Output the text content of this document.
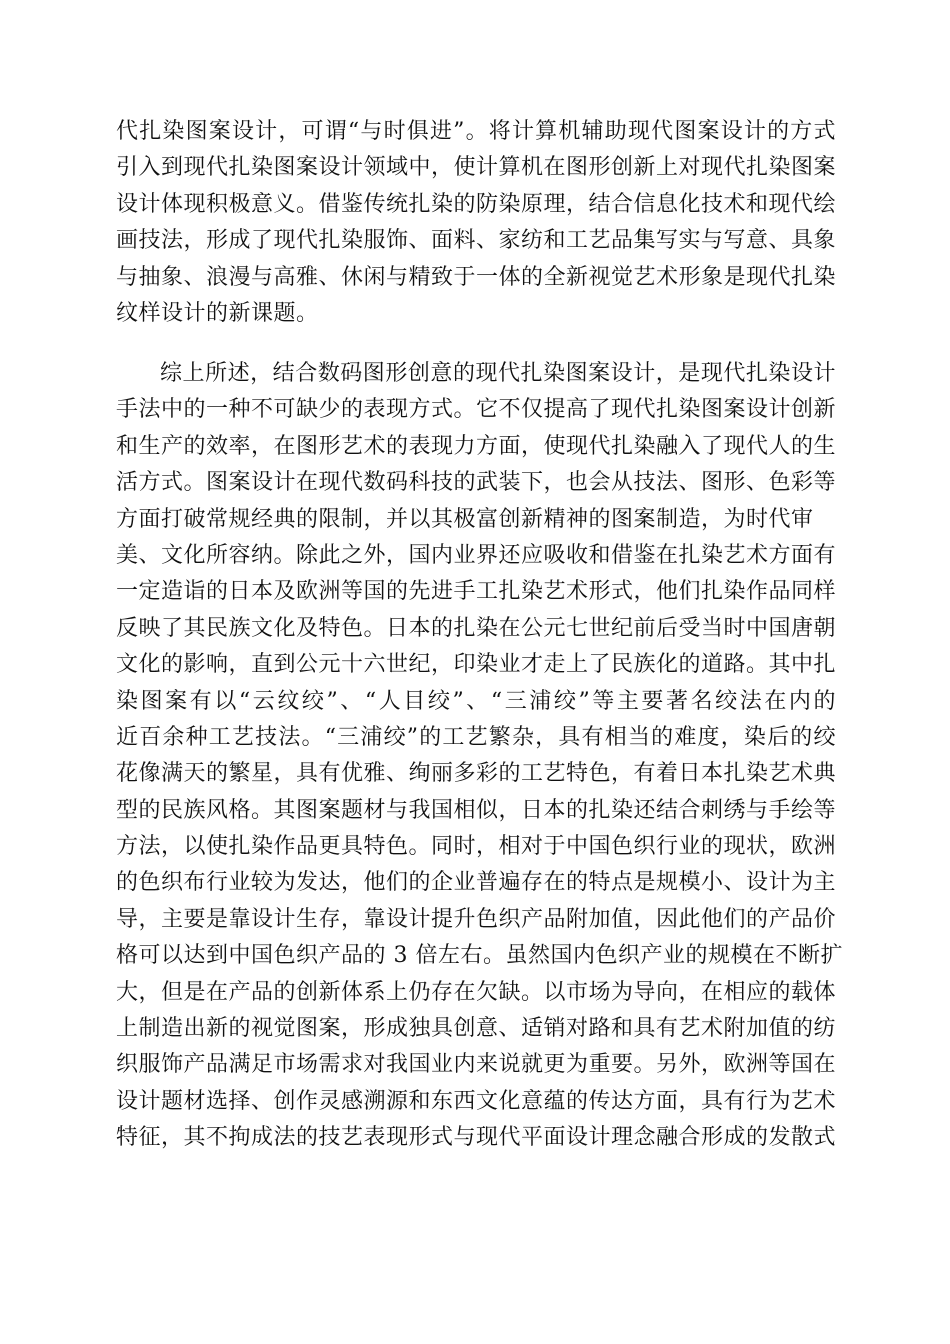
代扎染图案设计，可谓“与时俱进”。将计算机辅助现代图案设计的方式
引入到现代扎染图案设计领域中，使计算机在图形创新上对现代扎染图案
设计体现积极意义。借鉴传统扎染的防染原理，结合信息化技术和现代绘
画技法，形成了现代扎染服饰、面料、家纺和工艺品集写实与写意、具象
与抽象、浪漫与高雅、休闲与精致于一体的全新视觉艺术形象是现代扎染
纹样设计的新课题。
综上所述，结合数码图形创意的现代扎染图案设计，是现代扎染设计
手法中的一种不可缺少的表现方式。它不仅提高了现代扎染图案设计创新
和生产的效率，在图形艺术的表现力方面，使现代扎染融入了现代人的生
活方式。图案设计在现代数码科技的武装下，也会从技法、图形、色彩等
方面打破常规经典的限制，并以其极富创新精神的图案制造，为时代审
美、文化所容纳。除此之外，国内业界还应吸收和借鉴在扎染艺术方面有
一定造诣的日本及欧洲等国的先进手工扎染艺术形式，他们扎染作品同样
反映了其民族文化及特色。日本的扎染在公元七世纪前后受当时中国唐朝
文化的影响，直到公元十六世纪，印染业才走上了民族化的道路。其中扎
染图案有以“云纹绞”、“人目绞”、“三浦绞”等主要著名绞法在内的
近百余种工艺技法。“三浦绞”的工艺繁杂，具有相当的难度，染后的绞
花像满天的繁星，具有优雅、绚丽多彩的工艺特色，有着日本扎染艺术典
型的民族风格。其图案题材与我国相似，日本的扎染还结合刺绣与手绘等
方法，以使扎染作品更具特色。同时，相对于中国色织行业的现状，欧洲
的色织布行业较为发达，他们的企业普遍存在的特点是规模小、设计为主
导，主要是靠设计生存，靠设计提升色织产品附加值，因此他们的产品价
格可以达到中国色织产品的 3 倍左右。虽然国内色织产业的规模在不断扩
大，但是在产品的创新体系上仍存在欠缺。以市场为导向，在相应的载体
上制造出新的视觉图案，形成独具创意、适销对路和具有艺术附加值的纺
织服饰产品满足市场需求对我国业内来说就更为重要。另外，欧洲等国在
设计题材选择、创作灵感溯源和东西文化意蕴的传达方面，具有行为艺术
特征，其不拘成法的技艺表现形式与现代平面设计理念融合形成的发散式
